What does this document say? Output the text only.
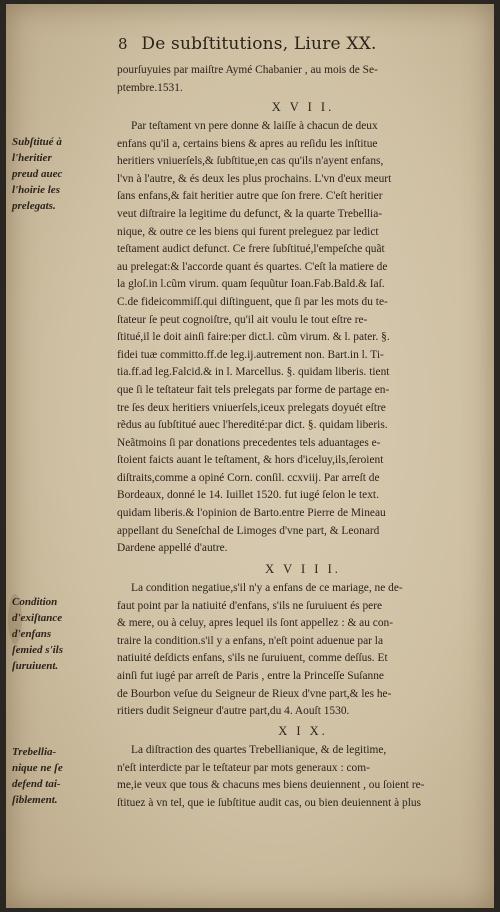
8 De subſtitutions, Liure XX.
pourſuyuies par maiſtre Aymé Chabanier , au mois de Se-
ptembre.1531.
X V I I.
Subſtitué à
l'heritier
preud auec
l'hoirie les
prelegats.
Par teſtament vn pere donne & laiſſe à chacun de deux
enfans qu'il a, certains biens & apres au reſidu les inſtitue
heritiers vniuerſels,& ſubſtitue,en cas qu'ils n'ayent enfans,
l'vn à l'autre, & és deux les plus prochains. L'vn d'eux meurt
ſans enfans,& fait heritier autre que ſon frere. C'eſt heritier
veut diſtraire la legitime du defunct, & la quarte Trebellia-
nique, & outre ce les biens qui furent preleguez par ledict
teſtament audict defunct. Ce frere ſubſtitué,l'empeſche quãt
au prelegat:& l'accorde quant és quartes. C'eſt la matiere de
la gloſ.in l.cũm virum. quam ſequũtur Ioan.Fab.Bald.& Iaſ.
C.de fideicommiſſ.qui diſtinguent, que ſi par les mots du te-
ſtateur ſe peut cognoiſtre, qu'il ait voulu le tout eſtre re-
ſtitué,il le doit ainſi faire:per dict.l. cũm virum. & l. pater. §.
fidei tuæ committo.ff.de leg.ij.autrement non. Bart.in l. Ti-
tia.ff.ad leg.Falcid.& in l. Marcellus. §. quidam liberis. tient
que ſi le teſtateur fait tels prelegats par forme de partage en-
tre ſes deux heritiers vniuerſels,iceux prelegats doyuét eſtre
rẽdus au ſubſtitué auec l'heredité:par dict. §. quidam liberis.
Neãtmoins ſi par donations precedentes tels aduantages e-
ſtoient faicts auant le teſtament, & hors d'iceluy,ils,ſeroient
diſtraits,comme a opiné Corn. conſil. ccxviij. Par arreſt de
Bordeaux, donné le 14. Iuillet 1520. fut iugé ſelon le text.
quidam liberis.& l'opinion de Barto.entre Pierre de Mineau
appellant du Seneſchal de Limoges d'vne part, & Leonard
Dardene appellé d'autre.
X V I I I.
Condition
d'exiſtance
d'enfans
ſemied s'ils
ſuruiuent.
La condition negatiue,s'il n'y a enfans de ce mariage, ne de-
faut point par la natiuité d'enfans, s'ils ne ſuruiuent és pere
& mere, ou à celuy, apres lequel ils ſont appellez : & au con-
traire la condition.s'il y a enfans, n'eſt point aduenue par la
natiuité deſdicts enfans, s'ils ne ſuruiuent, comme deſſus. Et
ainſi fut iugé par arreſt de Paris , entre la Princeſſe Suſanne
de Bourbon veſue du Seigneur de Rieux d'vne part,& les he-
ritiers dudit Seigneur d'autre part,du 4. Aouſt 1530.
X I X.
Trebellia-
nique ne ſe
defend tai-
ſiblement.
La diſtraction des quartes Trebellianique, & de legitime,
n'eſt interdicte par le teſtateur par mots generaux : com-
me,ie veux que tous & chacuns mes biens deuiennent , ou ſoient re-
ſtituez à vn tel, que ie ſubſtitue audit cas, ou bien deuiennent à plus
